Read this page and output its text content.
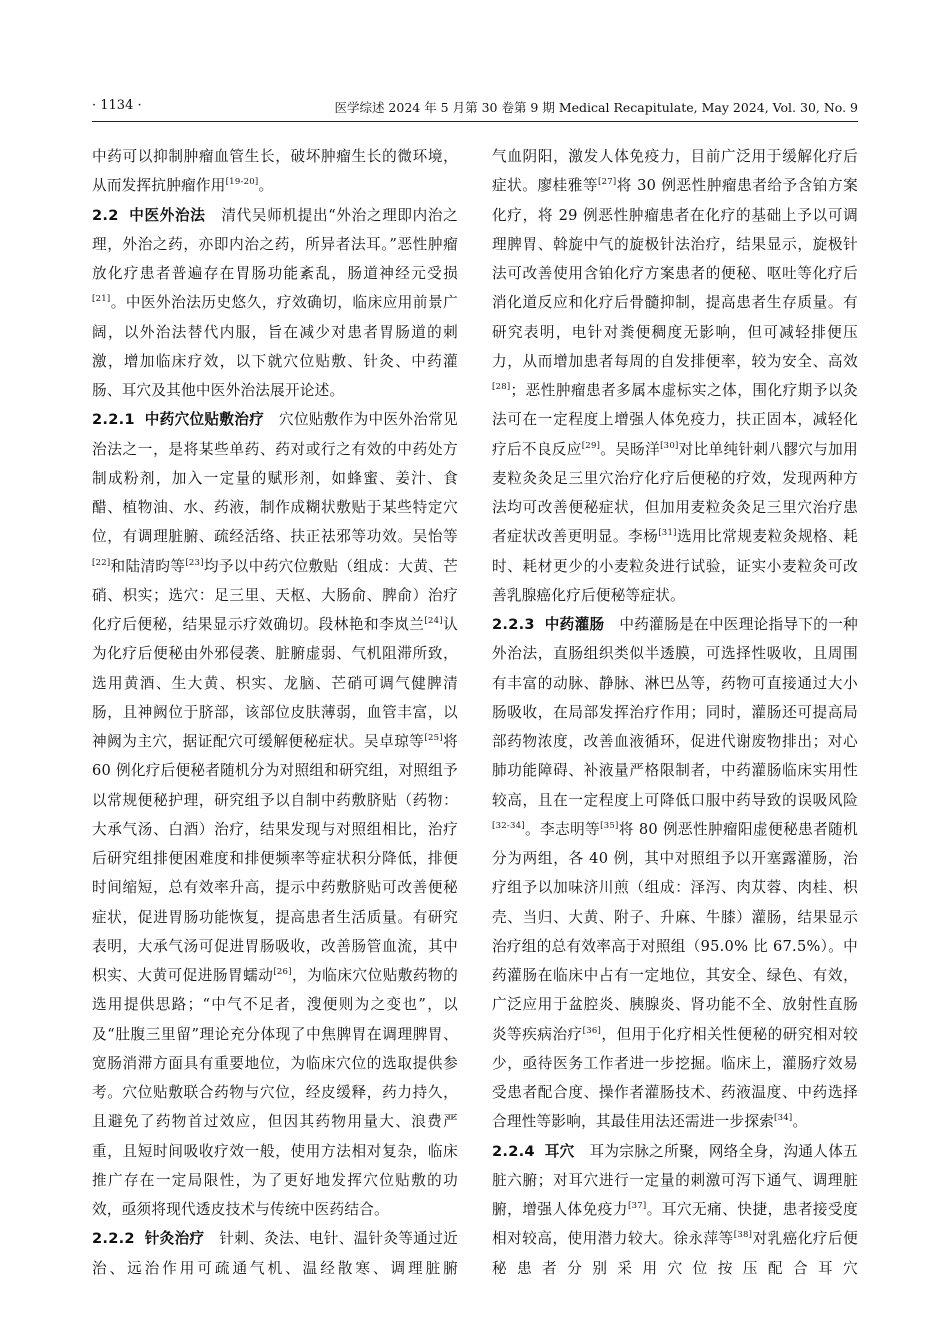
· 1134 ·	医学综述 2024 年 5 月第 30 卷第 9 期 Medical Recapitulate, May 2024, Vol. 30, No. 9

中药可以抑制肿瘤血管生长，破坏肿瘤生长的微环境，从而发挥抗肿瘤作用[19-20]。

2.2 中医外治法 清代吴师机提出“外治之理即内治之理，外治之药，亦即内治之药，所异者法耳。”恶性肿瘤放化疗患者普遍存在胃肠功能紊乱，肠道神经元受损[21]。中医外治法历史悠久，疗效确切，临床应用前景广阔，以外治法替代内服，旨在减少对患者胃肠道的刺激，增加临床疗效，以下就穴位贴敷、针灸、中药灌肠、耳穴及其他中医外治法展开论述。

2.2.1 中药穴位贴敷治疗 穴位贴敷作为中医外治常见治法之一，是将某些单药、药对或行之有效的中药处方制成粉剂，加入一定量的赋形剂，如蜂蜜、姜汁、食醋、植物油、水、药液，制作成糊状敷贴于某些特定穴位，有调理脏腑、疏经活络、扶正祛邪等功效。吴怡等[22]和陆清昀等[23]均予以中药穴位敷贴（组成：大黄、芒硝、枳实；选穴：足三里、天枢、大肠俞、脾俞）治疗化疗后便秘，结果显示疗效确切。段林艳和李岚兰[24]认为化疗后便秘由外邪侵袭、脏腑虚弱、气机阻滞所致，选用黄酒、生大黄、枳实、龙脑、芒硝可调气健脾清肠，且神阙位于脐部，该部位皮肤薄弱，血管丰富，以神阙为主穴，据证配穴可缓解便秘症状。吴卓琼等[25]将 60 例化疗后便秘者随机分为对照组和研究组，对照组予以常规便秘护理，研究组予以自制中药敷脐贴（药物：大承气汤、白酒）治疗，结果发现与对照组相比，治疗后研究组排便困难度和排便频率等症状积分降低，排便时间缩短，总有效率升高，提示中药敷脐贴可改善便秘症状，促进胃肠功能恢复，提高患者生活质量。有研究表明，大承气汤可促进胃肠吸收，改善肠管血流，其中枳实、大黄可促进肠胃蠕动[26]，为临床穴位贴敷药物的选用提供思路；“中气不足者，溲便则为之变也”，以及“肚腹三里留”理论充分体现了中焦脾胃在调理脾胃、宽肠消滞方面具有重要地位，为临床穴位的选取提供参考。穴位贴敷联合药物与穴位，经皮缓释，药力持久，且避免了药物首过效应，但因其药物用量大、浪费严重，且短时间吸收疗效一般，使用方法相对复杂，临床推广存在一定局限性，为了更好地发挥穴位贴敷的功效，亟须将现代透皮技术与传统中医药结合。

2.2.2 针灸治疗 针刺、灸法、电针、温针灸等通过近治、远治作用可疏通气机、温经散寒、调理脏腑

气血阴阳，激发人体免疫力，目前广泛用于缓解化疗后症状。廖桂雅等[27]将 30 例恶性肿瘤患者给予含铂方案化疗，将 29 例恶性肿瘤患者在化疗的基础上予以可调理脾胃、斡旋中气的旋极针法治疗，结果显示，旋极针法可改善使用含铂化疗方案患者的便秘、呕吐等化疗后消化道反应和化疗后骨髓抑制，提高患者生存质量。有研究表明，电针对粪便稠度无影响，但可减轻排便压力，从而增加患者每周的自发排便率，较为安全、高效[28]；恶性肿瘤患者多属本虚标实之体，围化疗期予以灸法可在一定程度上增强人体免疫力，扶正固本，减轻化疗后不良反应[29]。吴旸洋[30]对比单纯针刺八髎穴与加用麦粒灸灸足三里穴治疗化疗后便秘的疗效，发现两种方法均可改善便秘症状，但加用麦粒灸灸足三里穴治疗患者症状改善更明显。李杨[31]选用比常规麦粒灸规格、耗时、耗材更少的小麦粒灸进行试验，证实小麦粒灸可改善乳腺癌化疗后便秘等症状。

2.2.3 中药灌肠 中药灌肠是在中医理论指导下的一种外治法，直肠组织类似半透膜，可选择性吸收，且周围有丰富的动脉、静脉、淋巴丛等，药物可直接通过大小肠吸收，在局部发挥治疗作用；同时，灌肠还可提高局部药物浓度，改善血液循环，促进代谢废物排出；对心肺功能障碍、补液量严格限制者，中药灌肠临床实用性较高，且在一定程度上可降低口服中药导致的误吸风险[32-34]。李志明等[35]将 80 例恶性肿瘤阳虚便秘患者随机分为两组，各 40 例，其中对照组予以开塞露灌肠，治疗组予以加味济川煎（组成：泽泻、肉苁蓉、肉桂、枳壳、当归、大黄、附子、升麻、牛膝）灌肠，结果显示治疗组的总有效率高于对照组（95.0% 比 67.5%）。中药灌肠在临床中占有一定地位，其安全、绿色、有效，广泛应用于盆腔炎、胰腺炎、肾功能不全、放射性直肠炎等疾病治疗[36]，但用于化疗相关性便秘的研究相对较少，亟待医务工作者进一步挖掘。临床上，灌肠疗效易受患者配合度、操作者灌肠技术、药液温度、中药选择合理性等影响，其最佳用法还需进一步探索[34]。

2.2.4 耳穴 耳为宗脉之所聚，网络全身，沟通人体五脏六腑；对耳穴进行一定量的刺激可泻下通气、调理脏腑，增强人体免疫力[37]。耳穴无痛、快捷，患者接受度相对较高，使用潜力较大。徐永萍等[38]对乳癌化疗后便秘患者分别采用穴位按压配合耳穴
